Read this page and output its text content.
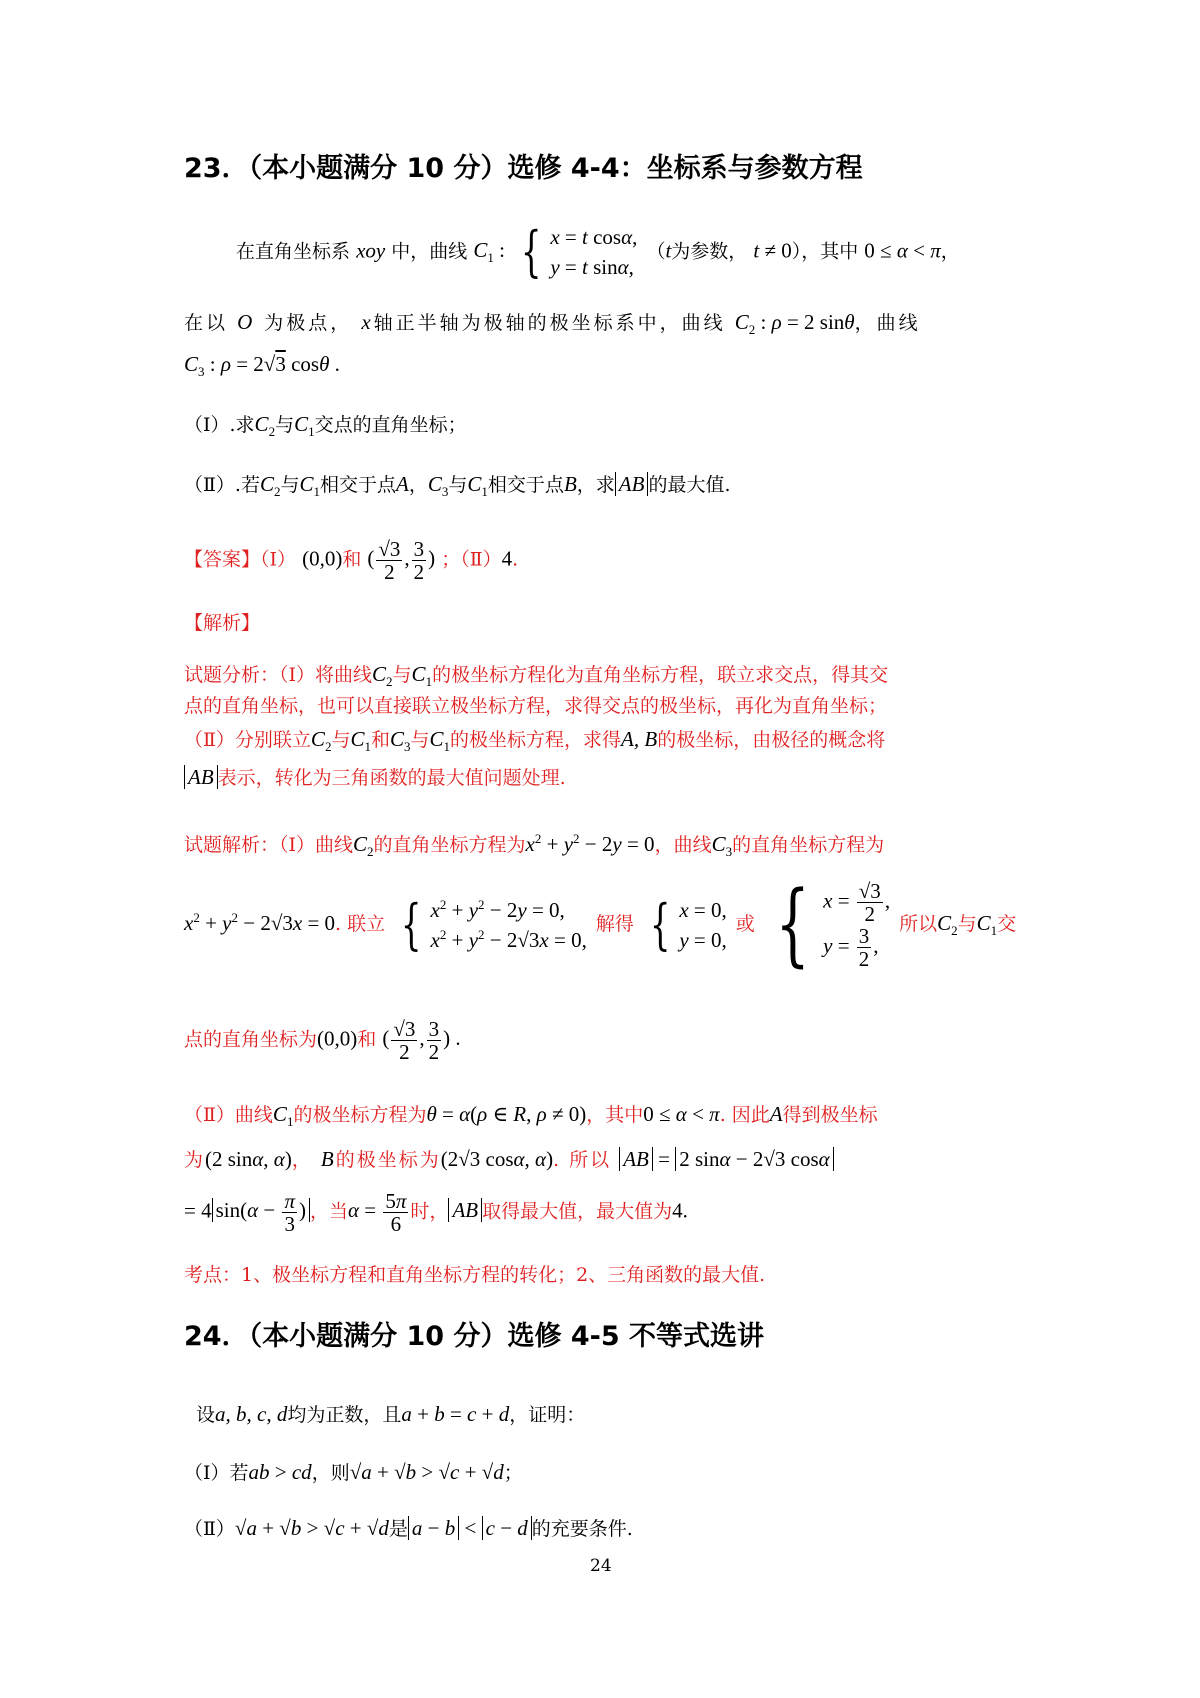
23．（本小题满分 10 分）选修 4-4：坐标系与参数方程
在直角坐标系 xoy 中，曲线 $C_1$ : { x = t cosα,
y = t sinα,
（t为参数， t ≠ 0），其中 0 ≤ α < π，
在以 O 为极点， x轴正半轴为极轴的极坐标系中，曲线 $C_2$ : ρ = 2 sinθ，曲线
$C_3$ : ρ = 2√3 cosθ .
（Ⅰ）.求$C_2$与$C_1$交点的直角坐标；
（Ⅱ）.若$C_2$与$C_1$相交于点A，$C_3$与$C_1$相交于点B，求 AB 的最大值.
【答案】（Ⅰ） (0,0)和 ( $\frac{√3}{2}$ , $\frac{3}{2}$ ) ；（Ⅱ）4.
【解析】
试题分析：（Ⅰ）将曲线$C_2$与$C_1$的极坐标方程化为直角坐标方程，联立求交点，得其交
点的直角坐标，也可以直接联立极坐标方程，求得交点的极坐标，再化为直角坐标；
（Ⅱ）分别联立$C_2$与$C_1$和$C_3$与$C_1$的极坐标方程，求得A, B的极坐标，由极径的概念将
AB 表示，转化为三角函数的最大值问题处理.
试题解析：（Ⅰ）曲线$C_2$的直角坐标方程为$x^2 + y^2 - 2y = 0$，曲线$C_3$的直角坐标方程为
$x^2 + y^2 - 2√3x = 0$. 联立 { $x^2 + y^2 - 2y = 0$,
$x^2 + y^2 - 2√3x = 0$,
解得 { x = 0,
y = 0,
或 { $x = \frac{√3}{2}$ ,
$y = \frac{3}{2}$ ,
所以$C_2$与$C_1$交
点的直角坐标为(0,0)和 ( $\frac{√3}{2}$ , $\frac{3}{2}$ ) .
（Ⅱ）曲线$C_1$的极坐标方程为θ = α(ρ ∈ R, ρ ≠ 0)，其中0 ≤ α < π. 因此A得到极坐标
为(2 sinα, α)， B的极坐标为(2√3 cosα, α). 所以 AB = 2 sinα − 2√3 cosα
= 4 $\sin(\alpha - \frac{\pi}{3}$ ) ，当$\alpha = \frac{5\pi}{6}$ 时， AB 取得最大值，最大值为4.
考点：1、极坐标方程和直角坐标方程的转化；2、三角函数的最大值.
24．（本小题满分 10 分）选修 4-5 不等式选讲
设a, b, c, d均为正数，且a + b = c + d，证明：
（Ⅰ）若ab > cd，则√a + √b > √c + √d；
（Ⅱ）√a + √b > √c + √d是 a − b < c − d 的充要条件.
24
